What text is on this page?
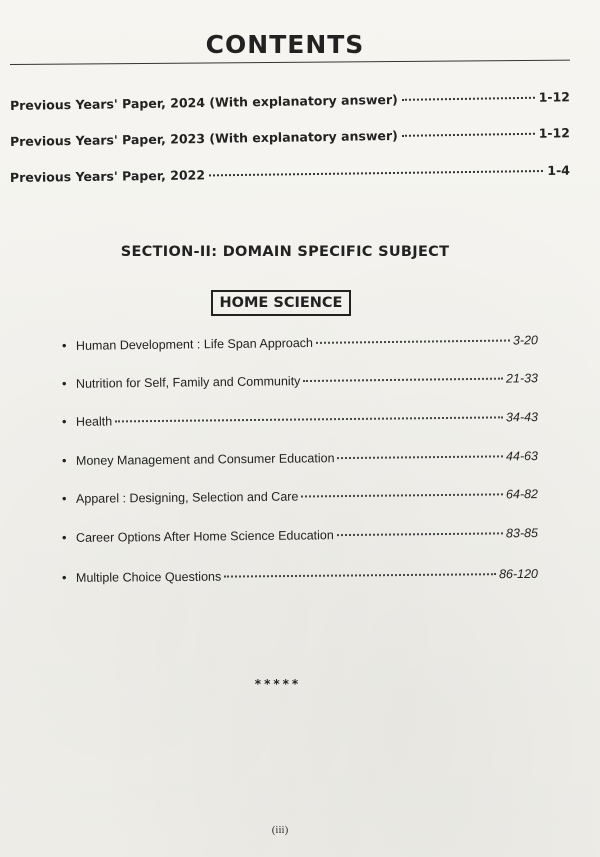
CONTENTS
Previous Years' Paper, 2024 (With explanatory answer)	1-12
Previous Years' Paper, 2023 (With explanatory answer)	1-12
Previous Years' Paper, 2022	1-4
SECTION-II: DOMAIN SPECIFIC SUBJECT
HOME SCIENCE
• Human Development : Life Span Approach	3-20
• Nutrition for Self, Family and Community	21-33
• Health	34-43
• Money Management and Consumer Education	44-63
• Apparel : Designing, Selection and Care	64-82
• Career Options After Home Science Education	83-85
• Multiple Choice Questions	86-120
*****
(iii)
